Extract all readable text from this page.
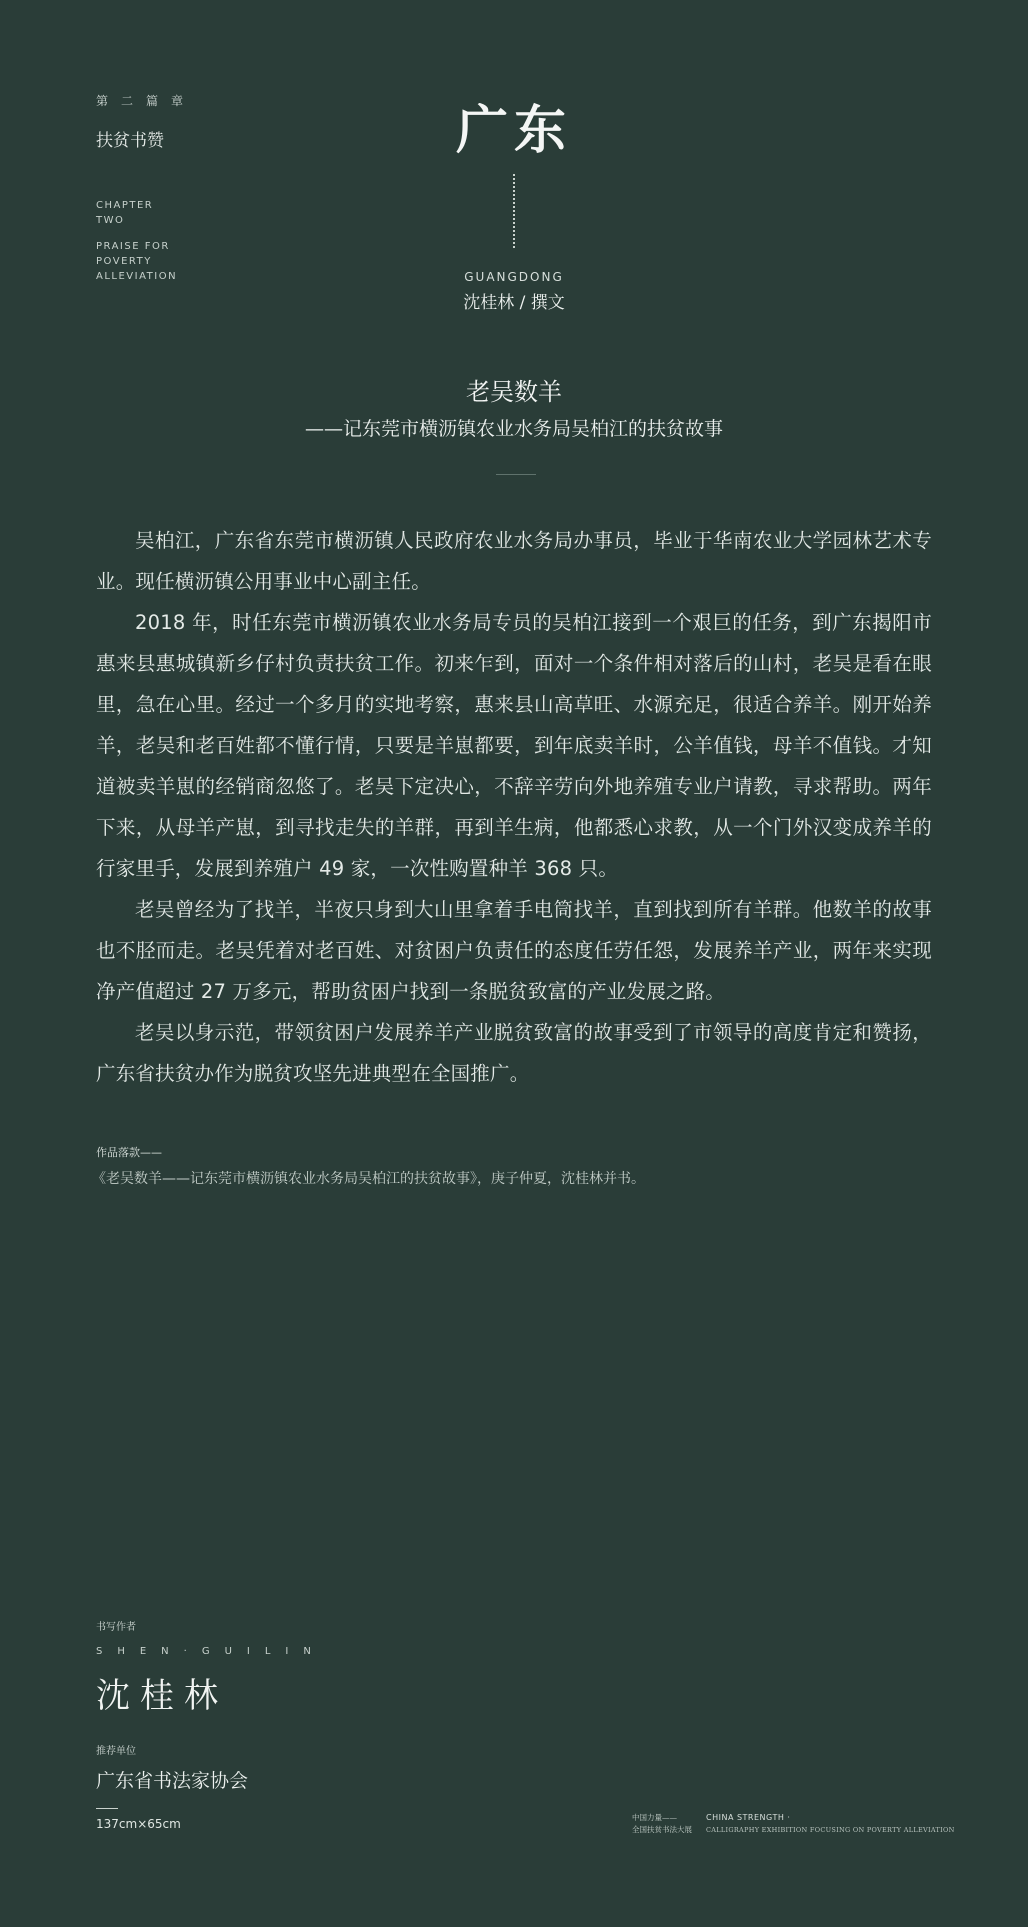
第二篇章
扶贫书赞
CHAPTER
TWO
PRAISE FOR
POVERTY
ALLEVIATION
广东
GUANGDONG
沈桂林 / 撰文
老吴数羊
——记东莞市横沥镇农业水务局吴柏江的扶贫故事

吴柏江，广东省东莞市横沥镇人民政府农业水务局办事员，毕业于华南农业大学园林艺术专业。现任横沥镇公用事业中心副主任。

2018 年，时任东莞市横沥镇农业水务局专员的吴柏江接到一个艰巨的任务，到广东揭阳市惠来县惠城镇新乡仔村负责扶贫工作。初来乍到，面对一个条件相对落后的山村，老吴是看在眼里，急在心里。经过一个多月的实地考察，惠来县山高草旺、水源充足，很适合养羊。刚开始养羊，老吴和老百姓都不懂行情，只要是羊崽都要，到年底卖羊时，公羊值钱，母羊不值钱。才知道被卖羊崽的经销商忽悠了。老吴下定决心，不辞辛劳向外地养殖专业户请教，寻求帮助。两年下来，从母羊产崽，到寻找走失的羊群，再到羊生病，他都悉心求教，从一个门外汉变成养羊的行家里手，发展到养殖户 49 家，一次性购置种羊 368 只。

老吴曾经为了找羊，半夜只身到大山里拿着手电筒找羊，直到找到所有羊群。他数羊的故事也不胫而走。老吴凭着对老百姓、对贫困户负责任的态度任劳任怨，发展养羊产业，两年来实现净产值超过 27 万多元，帮助贫困户找到一条脱贫致富的产业发展之路。

老吴以身示范，带领贫困户发展养羊产业脱贫致富的故事受到了市领导的高度肯定和赞扬，广东省扶贫办作为脱贫攻坚先进典型在全国推广。

作品落款——
《老吴数羊——记东莞市横沥镇农业水务局吴柏江的扶贫故事》，庚子仲夏，沈桂林并书。
书写作者
SHEN·GUILIN
沈桂林
推荐单位
广东省书法家协会
137cm×65cm	中国力量——
全国扶贫书法大展
CHINA STRENGTH ·
CALLIGRAPHY EXHIBITION FOCUSING ON POVERTY ALLEVIATION
